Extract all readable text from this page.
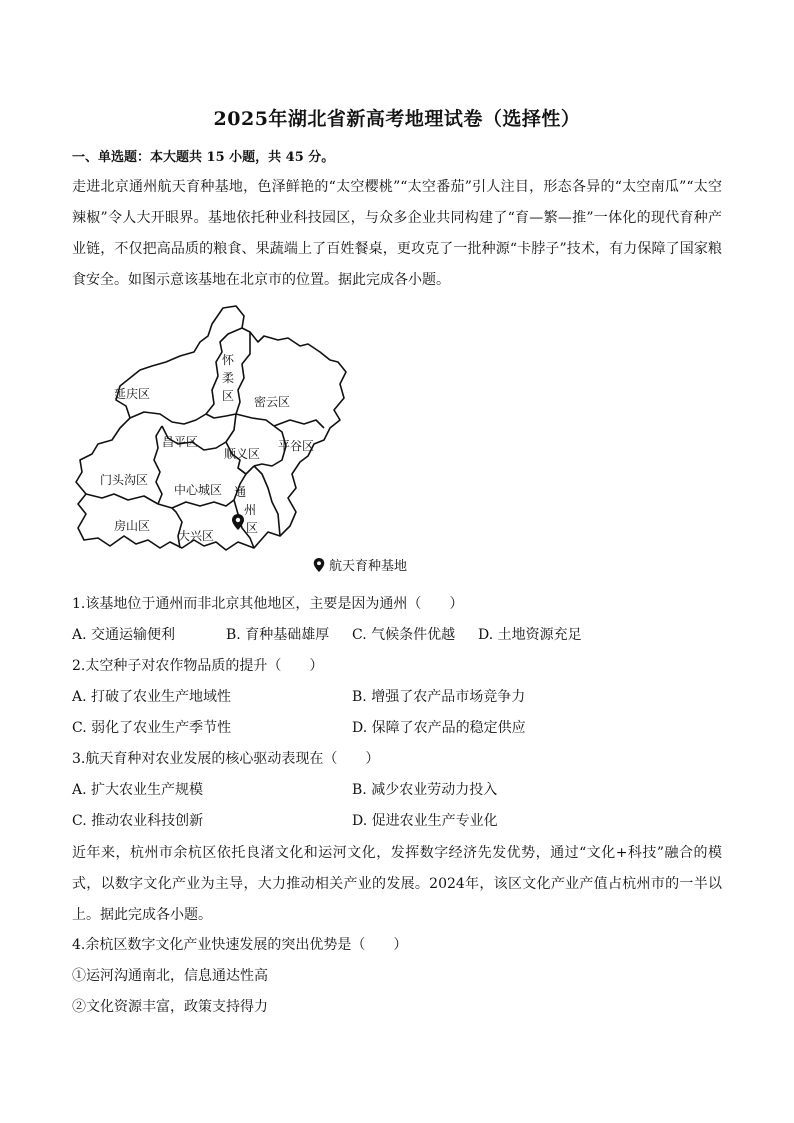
2025年湖北省新高考地理试卷（选择性）
一、单选题：本大题共 15 小题，共 45 分。
走进北京通州航天育种基地，色泽鲜艳的“太空樱桃”“太空番茄”引人注目，形态各异的“太空南瓜”“太空辣椒”令人大开眼界。基地依托种业科技园区，与众多企业共同构建了“育—繁—推”一体化的现代育种产业链，不仅把高品质的粮食、果蔬端上了百姓餐桌，更攻克了一批种源“卡脖子”技术，有力保障了国家粮食安全。如图示意该基地在北京市的位置。据此完成各小题。
延庆区
怀
柔
区 密云区
昌平区
顺义区
平谷区
门头沟区
中心城区 通
州
区
房山区
大兴区
航天育种基地
1.该基地位于通州而非北京其他地区，主要是因为通州（　　）
A. 交通运输便利	B. 育种基础雄厚 C. 气候条件优越 D. 土地资源充足
2.太空种子对农作物品质的提升（　　）
A. 打破了农业生产地域性	B. 增强了农产品市场竞争力
C. 弱化了农业生产季节性	D. 保障了农产品的稳定供应
3.航天育种对农业发展的核心驱动表现在（　　）
A. 扩大农业生产规模	B. 减少农业劳动力投入
C. 推动农业科技创新	D. 促进农业生产专业化
近年来，杭州市余杭区依托良渚文化和运河文化，发挥数字经济先发优势，通过“文化+科技”融合的模式，以数字文化产业为主导，大力推动相关产业的发展。2024年，该区文化产业产值占杭州市的一半以上。据此完成各小题。
4.余杭区数字文化产业快速发展的突出优势是（　　）
①运河沟通南北，信息通达性高
②文化资源丰富，政策支持得力
